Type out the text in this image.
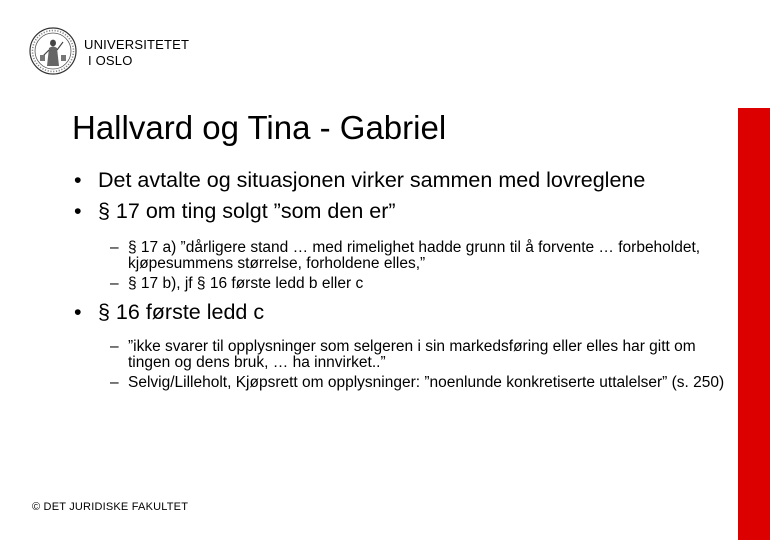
UNIVERSITETET
I OSLO
Hallvard og Tina - Gabriel
• Det avtalte og situasjonen virker sammen med lovreglene
• § 17 om ting solgt ”som den er”
– § 17 a) ”dårligere stand … med rimelighet hadde grunn til å forvente … forbeholdet, kjøpesummens størrelse, forholdene elles,”
– § 17 b), jf § 16 første ledd b eller c
• § 16 første ledd c
– ”ikke svarer til opplysninger som selgeren i sin markedsføring eller elles har gitt om tingen og dens bruk, … ha innvirket..”
– Selvig/Lilleholt, Kjøpsrett om opplysninger: ”noenlunde konkretiserte uttalelser” (s. 250)
© DET JURIDISKE FAKULTET
